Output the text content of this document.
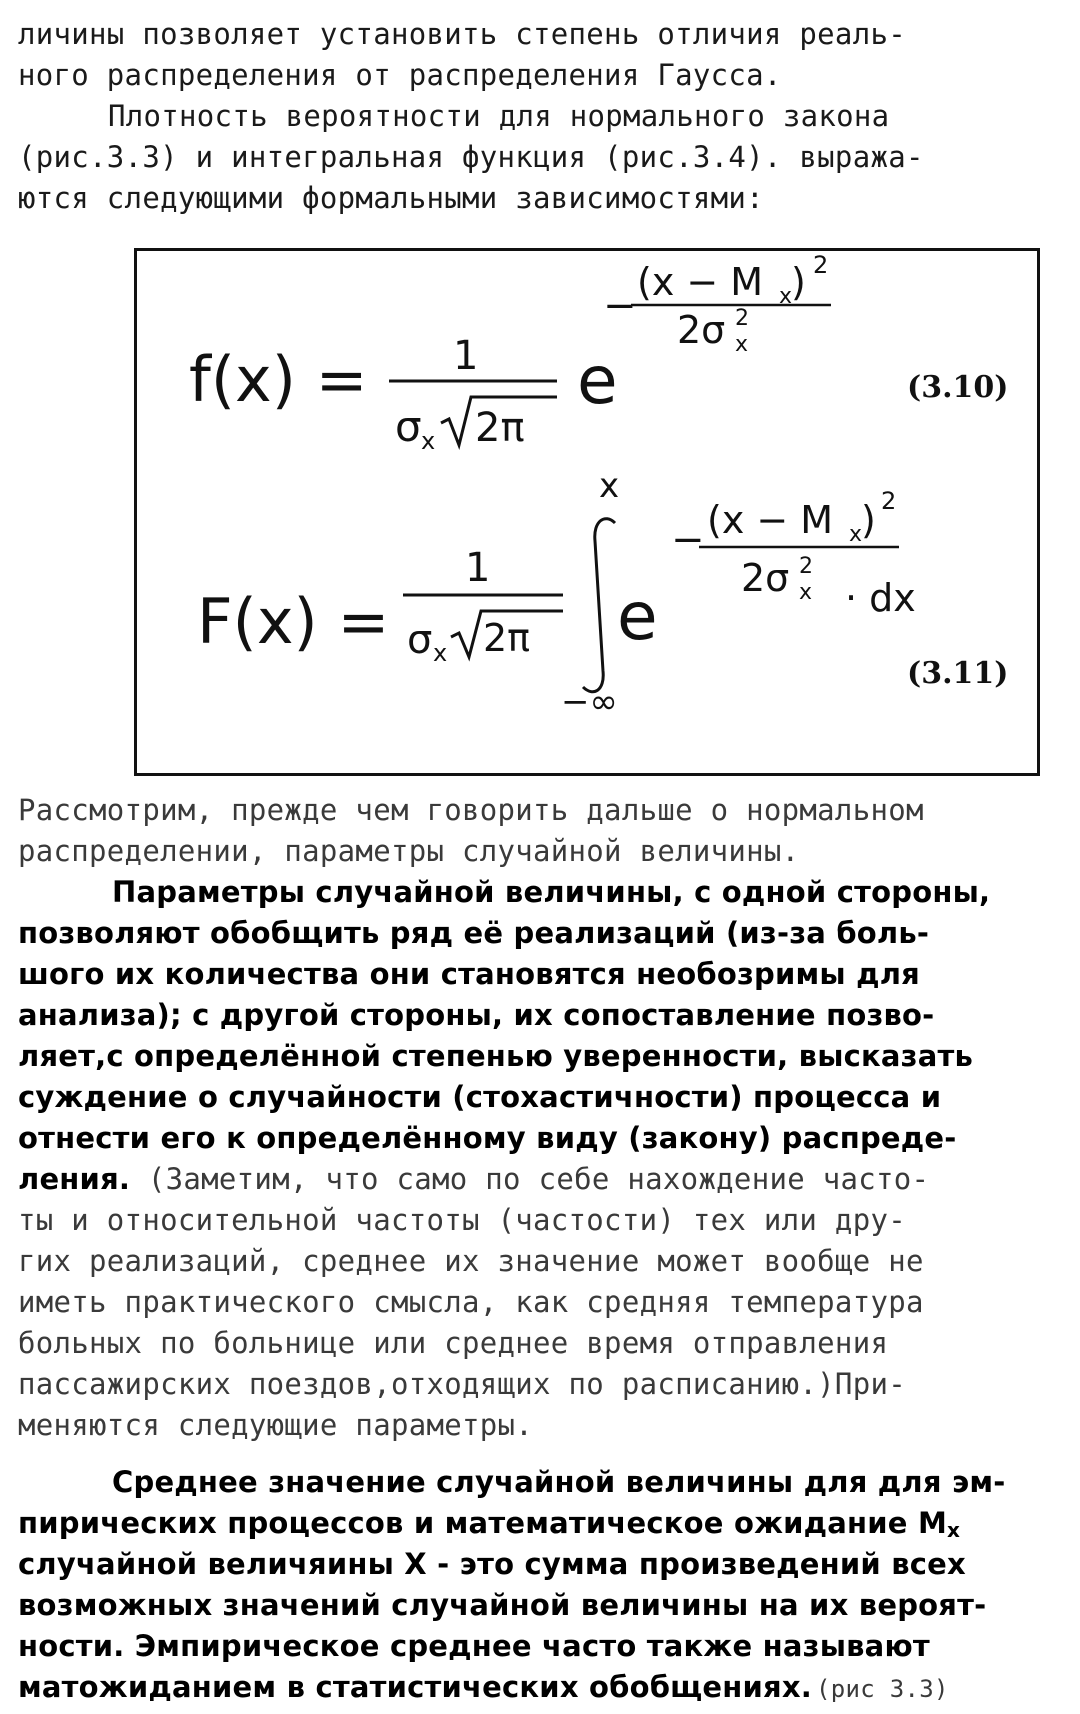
личины позволяет установить степень отличия реаль-
ного распределения от распределения Гаусса.
Плотность вероятности для нормального закона
(рис.3.3) и интегральная функция (рис.3.4). выража-
ются следующими формальными зависимостями:
f(x) = 1
σ x 2π
e
−
(x − M x
) 2
2σ x
2
(3.10)
F(x) =
1
σ x 2π
x
−∞
e
− (x − M x
) 2
2σ x
2
· dx
(3.11)
Рассмотрим, прежде чем говорить дальше о нормальном
распределении, параметры случайной величины.
Параметры случайной величины, с одной стороны,
позволяют обобщить ряд её реализаций (из-за боль-
шого их количества они становятся необозримы для
анализа); с другой стороны, их сопоставление позво-
ляет,с определённой степенью уверенности, высказать
суждение о случайности (стохастичности) процесса и
отнести его к определённому виду (закону) распреде-
ления. (Заметим, что само по себе нахождение часто-
ты и относительной частоты (частости) тех или дру-
гих реализаций, среднее их значение может вообще не
иметь практического смысла, как средняя температура
больных по больнице или среднее время отправления
пассажирских поездов,отходящих по расписанию.)При-
меняются следующие параметры.
Среднее значение случайной величины для для эм-
пирических процессов и математическое ожидание $M_x$
случайной величяины X - это сумма произведений всех
возможных значений случайной величины на их вероят-
ности. Эмпирическое среднее часто также называют
матожиданием в статистических обобщениях. (рис 3.3)
